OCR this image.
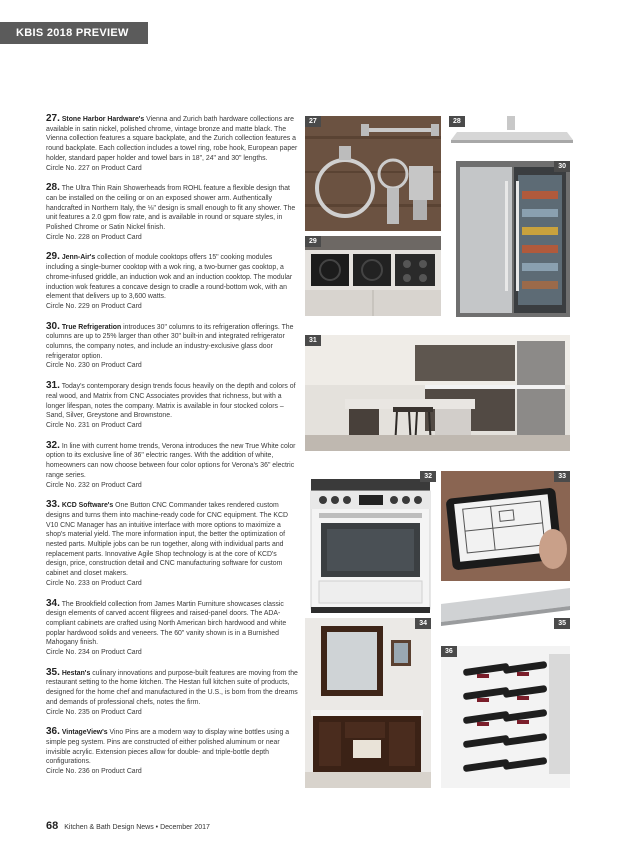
KBIS 2018 PREVIEW

27. Stone Harbor Hardware's Vienna and Zurich bath hardware collections are available in satin nickel, polished chrome, vintage bronze and matte black. The Vienna collection features a square backplate, and the Zurich collection features a round backplate. Each collection includes a towel ring, robe hook, European paper holder, standard paper holder and towel bars in 18", 24" and 30" lengths.
Circle No. 227 on Product Card

28. The Ultra Thin Rain Showerheads from ROHL feature a flexible design that can be installed on the ceiling or on an exposed shower arm. Authentically handcrafted in Northern Italy, the ⅛" design is small enough to fit any shower. The unit features a 2.0 gpm flow rate, and is available in round or square styles, in Polished Chrome or Satin Nickel finish.
Circle No. 228 on Product Card

29. Jenn-Air's collection of module cooktops offers 15" cooking modules including a single-burner cooktop with a wok ring, a two-burner gas cooktop, a chrome-infused griddle, an induction wok and an induction cooktop. The modular induction wok features a concave design to cradle a round-bottom wok, with an element that delivers up to 3,600 watts.
Circle No. 229 on Product Card

30. True Refrigeration introduces 30" columns to its refrigeration offerings. The columns are up to 25% larger than other 30" built-in and integrated refrigerator columns, the company notes, and include an industry-exclusive glass door refrigerator option.
Circle No. 230 on Product Card

31. Today's contemporary design trends focus heavily on the depth and colors of real wood, and Matrix from CNC Associates provides that richness, but with a longer lifespan, notes the company. Matrix is available in four stocked colors – Sand, Silver, Greystone and Brownstone.
Circle No. 231 on Product Card

32. In line with current home trends, Verona introduces the new True White color option to its exclusive line of 36" electric ranges. With the addition of white, homeowners can now choose between four color options for Verona's 36" electric range series.
Circle No. 232 on Product Card

33. KCD Software's One Button CNC Commander takes rendered custom designs and turns them into machine-ready code for CNC equipment. The KCD V10 CNC Manager has an intuitive interface with more options to maximize a shop's material yield. The more information input, the better the optimization of nested parts. Multiple jobs can be run together, along with individual parts and replacement parts. Innovative Agile Shop technology is at the core of KCD's design, price, construction detail and CNC manufacturing software for custom cabinet and closet makers.
Circle No. 233 on Product Card

34. The Brookfield collection from James Martin Furniture showcases classic design elements of carved accent filigrees and raised-panel doors. The ADA-compliant cabinets are crafted using North American birch hardwood and white poplar hardwood solids and veneers. The 60" vanity shown is in a Burnished Mahogany finish.
Circle No. 234 on Product Card

35. Hestan's culinary innovations and purpose-built features are moving from the restaurant setting to the home kitchen. The Hestan full kitchen suite of products, designed for the home chef and manufactured in the U.S., is born from the dreams and demands of professional chefs, notes the firm.
Circle No. 235 on Product Card

36. VintageView's Vino Pins are a modern way to display wine bottles using a simple peg system. Pins are constructed of either polished aluminum or near invisible acrylic. Extension pieces allow for double- and triple-bottle depth configurations.
Circle No. 236 on Product Card

27	28
30
29
31
32	33
35
34
36
68 Kitchen & Bath Design News • December 2017
